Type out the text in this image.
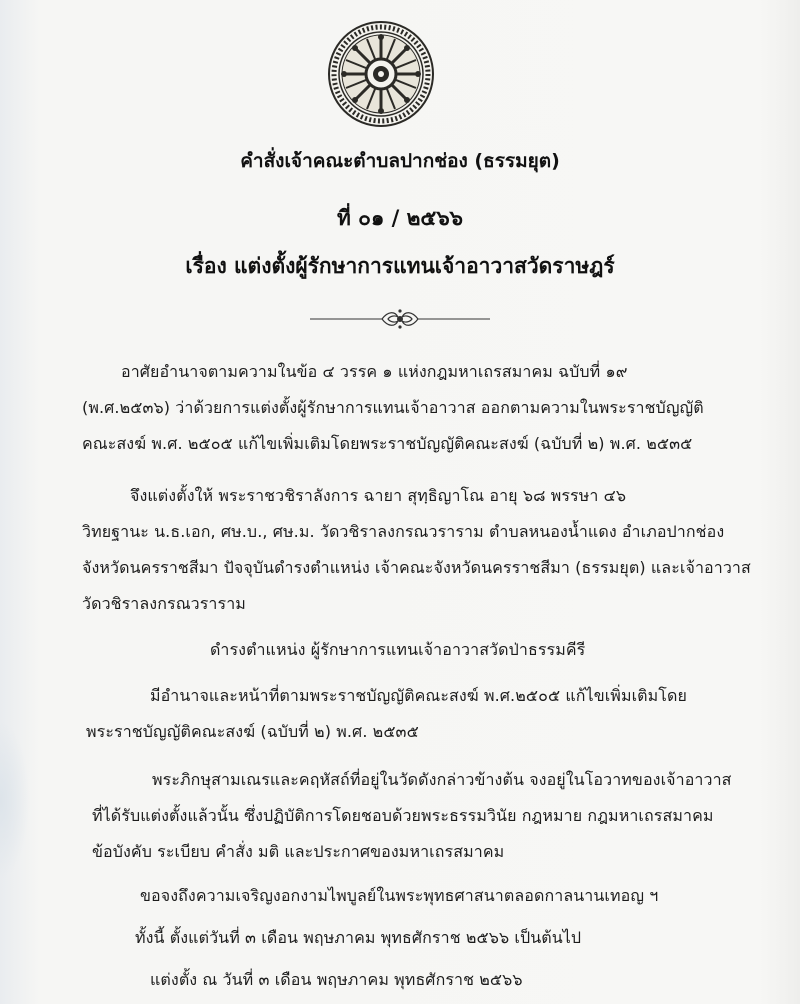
คำสั่งเจ้าคณะตำบลปากช่อง (ธรรมยุต)
ที่ ๐๑ / ๒๕๖๖
เรื่อง แต่งตั้งผู้รักษาการแทนเจ้าอาวาสวัดราษฎร์
อาศัยอำนาจตามความในข้อ ๔ วรรค ๑ แห่งกฎมหาเถรสมาคม ฉบับที่ ๑๙
(พ.ศ.๒๕๓๖) ว่าด้วยการแต่งตั้งผู้รักษาการแทนเจ้าอาวาส ออกตามความในพระราชบัญญัติ
คณะสงฆ์ พ.ศ. ๒๕๐๕ แก้ไขเพิ่มเติมโดยพระราชบัญญัติคณะสงฆ์ (ฉบับที่ ๒) พ.ศ. ๒๕๓๕
จึงแต่งตั้งให้ พระราชวชิราลังการ ฉายา สุทฺธิญาโณ อายุ ๖๘ พรรษา ๔๖
วิทยฐานะ น.ธ.เอก, ศษ.บ., ศษ.ม. วัดวชิราลงกรณวราราม ตำบลหนองน้ำแดง อำเภอปากช่อง
จังหวัดนครราชสีมา ปัจจุบันดำรงตำแหน่ง เจ้าคณะจังหวัดนครราชสีมา (ธรรมยุต) และเจ้าอาวาส
วัดวชิราลงกรณวราราม
ดำรงตำแหน่ง ผู้รักษาการแทนเจ้าอาวาสวัดป่าธรรมคีรี
มีอำนาจและหน้าที่ตามพระราชบัญญัติคณะสงฆ์ พ.ศ.๒๕๐๕ แก้ไขเพิ่มเติมโดย
พระราชบัญญัติคณะสงฆ์ (ฉบับที่ ๒) พ.ศ. ๒๕๓๕
พระภิกษุสามเณรและคฤหัสถ์ที่อยู่ในวัดดังกล่าวข้างต้น จงอยู่ในโอวาทของเจ้าอาวาส
ที่ได้รับแต่งตั้งแล้วนั้น ซึ่งปฏิบัติการโดยชอบด้วยพระธรรมวินัย กฎหมาย กฎมหาเถรสมาคม
ข้อบังคับ ระเบียบ คำสั่ง มติ และประกาศของมหาเถรสมาคม
ขอจงถึงความเจริญงอกงามไพบูลย์ในพระพุทธศาสนาตลอดกาลนานเทอญ ฯ
ทั้งนี้ ตั้งแต่วันที่ ๓ เดือน พฤษภาคม พุทธศักราช ๒๕๖๖ เป็นต้นไป
แต่งตั้ง ณ วันที่ ๓ เดือน พฤษภาคม พุทธศักราช ๒๕๖๖
